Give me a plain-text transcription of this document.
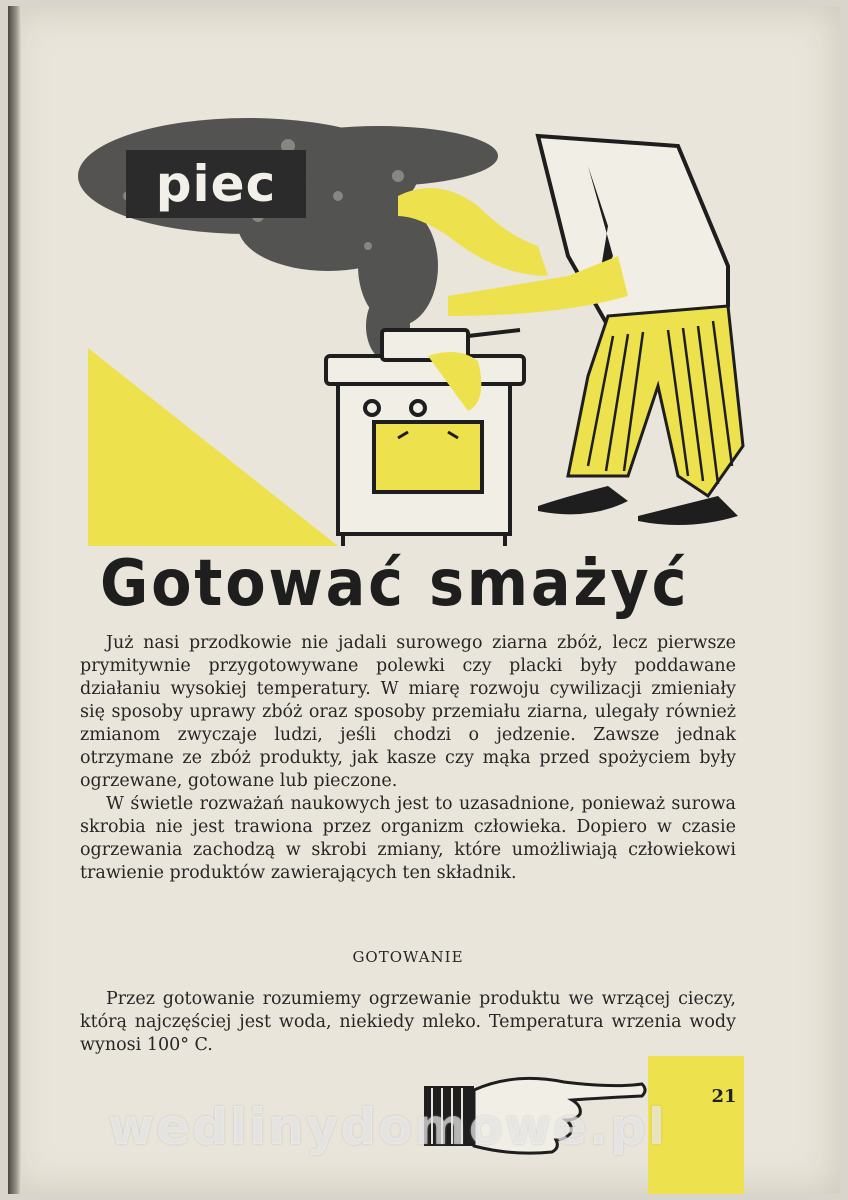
piec
Gotować smażyć

Już nasi przodkowie nie jadali surowego ziarna zbóż, lecz pierwsze prymitywnie przygotowywane polewki czy placki były poddawane działaniu wysokiej temperatury. W miarę rozwoju cywilizacji zmieniały się sposoby uprawy zbóż oraz sposoby przemiału ziarna, ulegały również zmianom zwyczaje ludzi, jeśli chodzi o jedzenie. Zawsze jednak otrzymane ze zbóż produkty, jak kasze czy mąka przed spożyciem były ogrzewane, gotowane lub pieczone.

W świetle rozważań naukowych jest to uzasadnione, ponieważ surowa skrobia nie jest trawiona przez organizm człowieka. Dopiero w czasie ogrzewania zachodzą w skrobi zmiany, które umożliwiają człowiekowi trawienie produktów zawierających ten składnik.

GOTOWANIE

Przez gotowanie rozumiemy ogrzewanie produktu we wrzącej cieczy, którą najczęściej jest woda, niekiedy mleko. Temperatura wrzenia wody wynosi 100° C.

21
wedlinydomowe.pl
